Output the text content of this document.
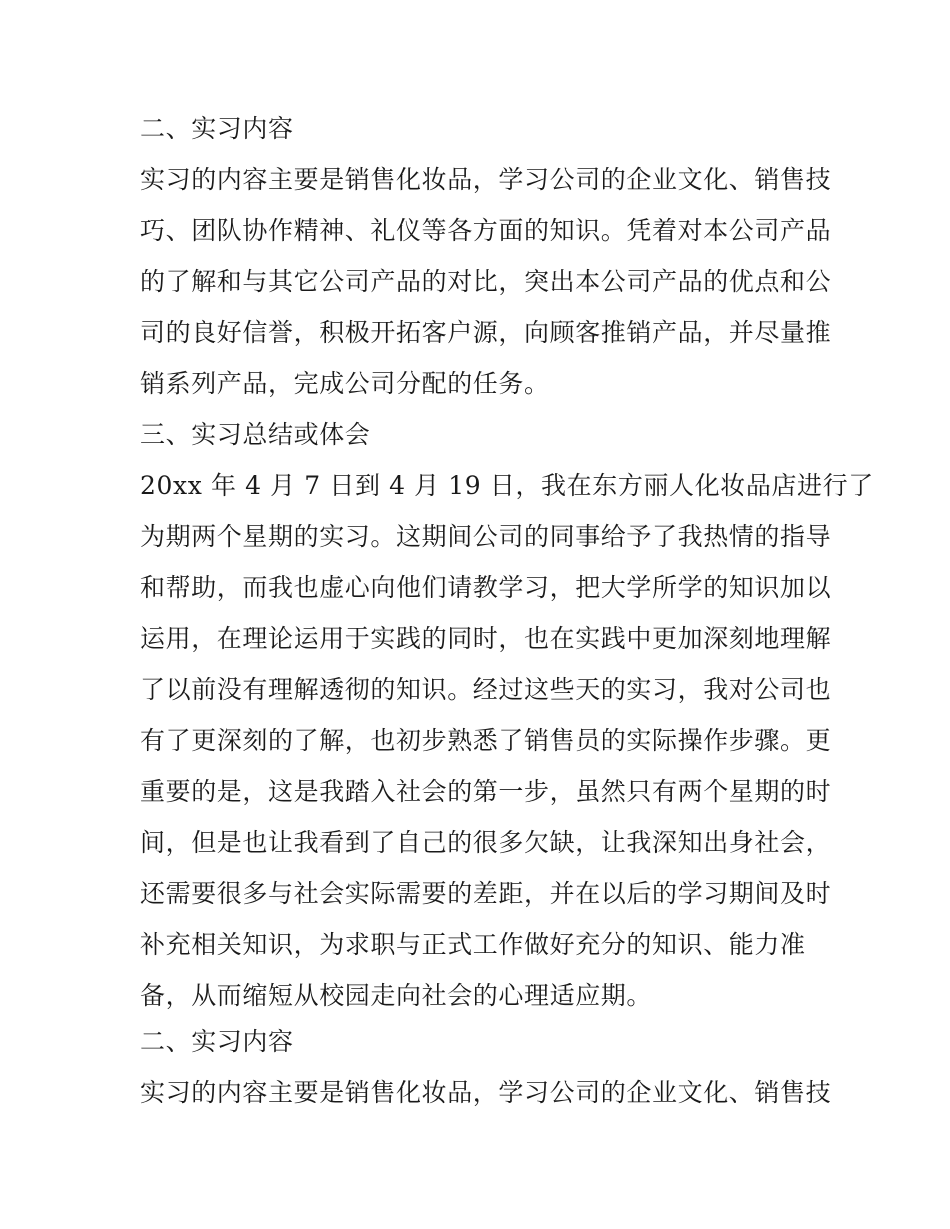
二、实习内容
实习的内容主要是销售化妆品，学习公司的企业文化、销售技
巧、团队协作精神、礼仪等各方面的知识。凭着对本公司产品
的了解和与其它公司产品的对比，突出本公司产品的优点和公
司的良好信誉，积极开拓客户源，向顾客推销产品，并尽量推
销系列产品，完成公司分配的任务。
三、实习总结或体会
20xx 年 4 月 7 日到 4 月 19 日，我在东方丽人化妆品店进行了
为期两个星期的实习。这期间公司的同事给予了我热情的指导
和帮助，而我也虚心向他们请教学习，把大学所学的知识加以
运用，在理论运用于实践的同时，也在实践中更加深刻地理解
了以前没有理解透彻的知识。经过这些天的实习，我对公司也
有了更深刻的了解，也初步熟悉了销售员的实际操作步骤。更
重要的是，这是我踏入社会的第一步，虽然只有两个星期的时
间，但是也让我看到了自己的很多欠缺，让我深知出身社会，
还需要很多与社会实际需要的差距，并在以后的学习期间及时
补充相关知识，为求职与正式工作做好充分的知识、能力准
备，从而缩短从校园走向社会的心理适应期。
二、实习内容
实习的内容主要是销售化妆品，学习公司的企业文化、销售技
